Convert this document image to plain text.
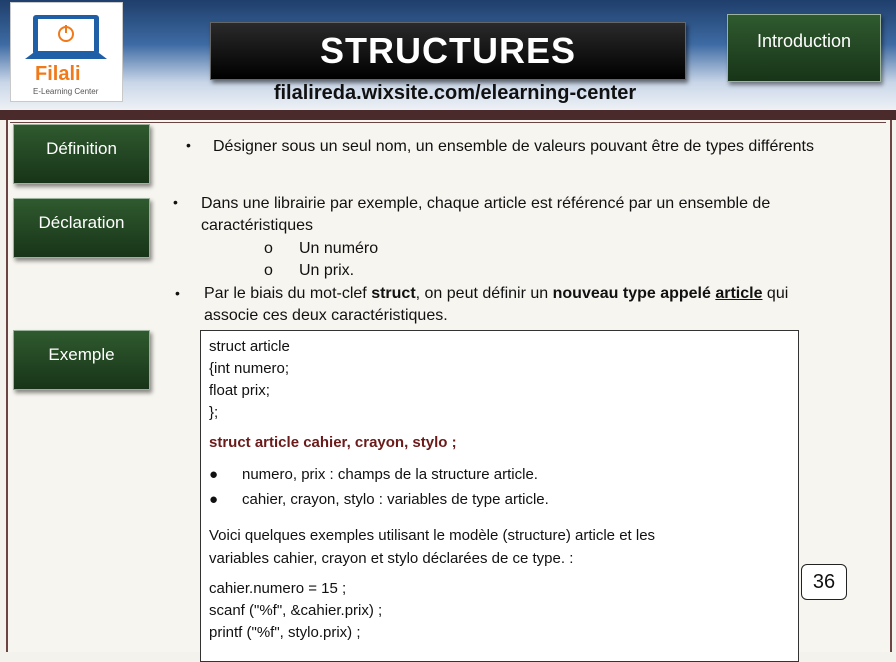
Filali
E-Learning Center
STRUCTURES
filalireda.wixsite.com/elearning-center
Introduction
Définition
Déclaration
Exemple
• Désigner sous un seul nom, un ensemble de valeurs pouvant être de types différents
• Dans une librairie par exemple, chaque article est référencé par un ensemble de
caractéristiques
o Un numéro
o Un prix.
• Par le biais du mot-clef struct, on peut définir un nouveau type appelé article qui
associe ces deux caractéristiques.
struct article
{int numero;
float prix;
};
struct article cahier, crayon, stylo ;
● numero, prix : champs de la structure article.
● cahier, crayon, stylo : variables de type article.
Voici quelques exemples utilisant le modèle (structure) article et les
variables cahier, crayon et stylo déclarées de ce type. :
cahier.numero = 15 ;
scanf ("%f", &cahier.prix) ;
printf ("%f", stylo.prix) ;
36
